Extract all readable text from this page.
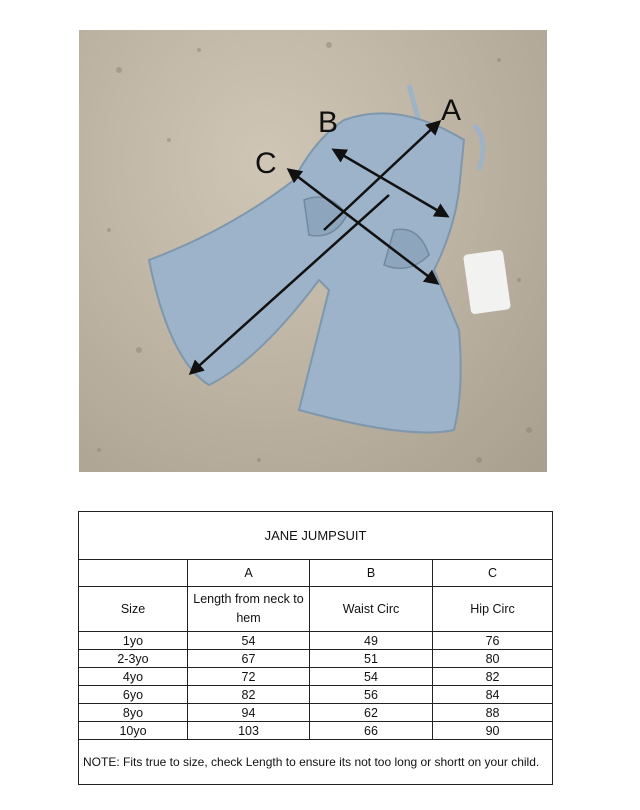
A
B
C
JANE JUMPSUIT			
	A	B	C
Size	Length from neck to hem	Waist Circ	Hip Circ
1yo	54	49	76
2-3yo	67	51	80
4yo	72	54	82
6yo	82	56	84
8yo	94	62	88
10yo	103	66	90
NOTE: Fits true to size, check Length to ensure its not too long or shortt on your child.			
